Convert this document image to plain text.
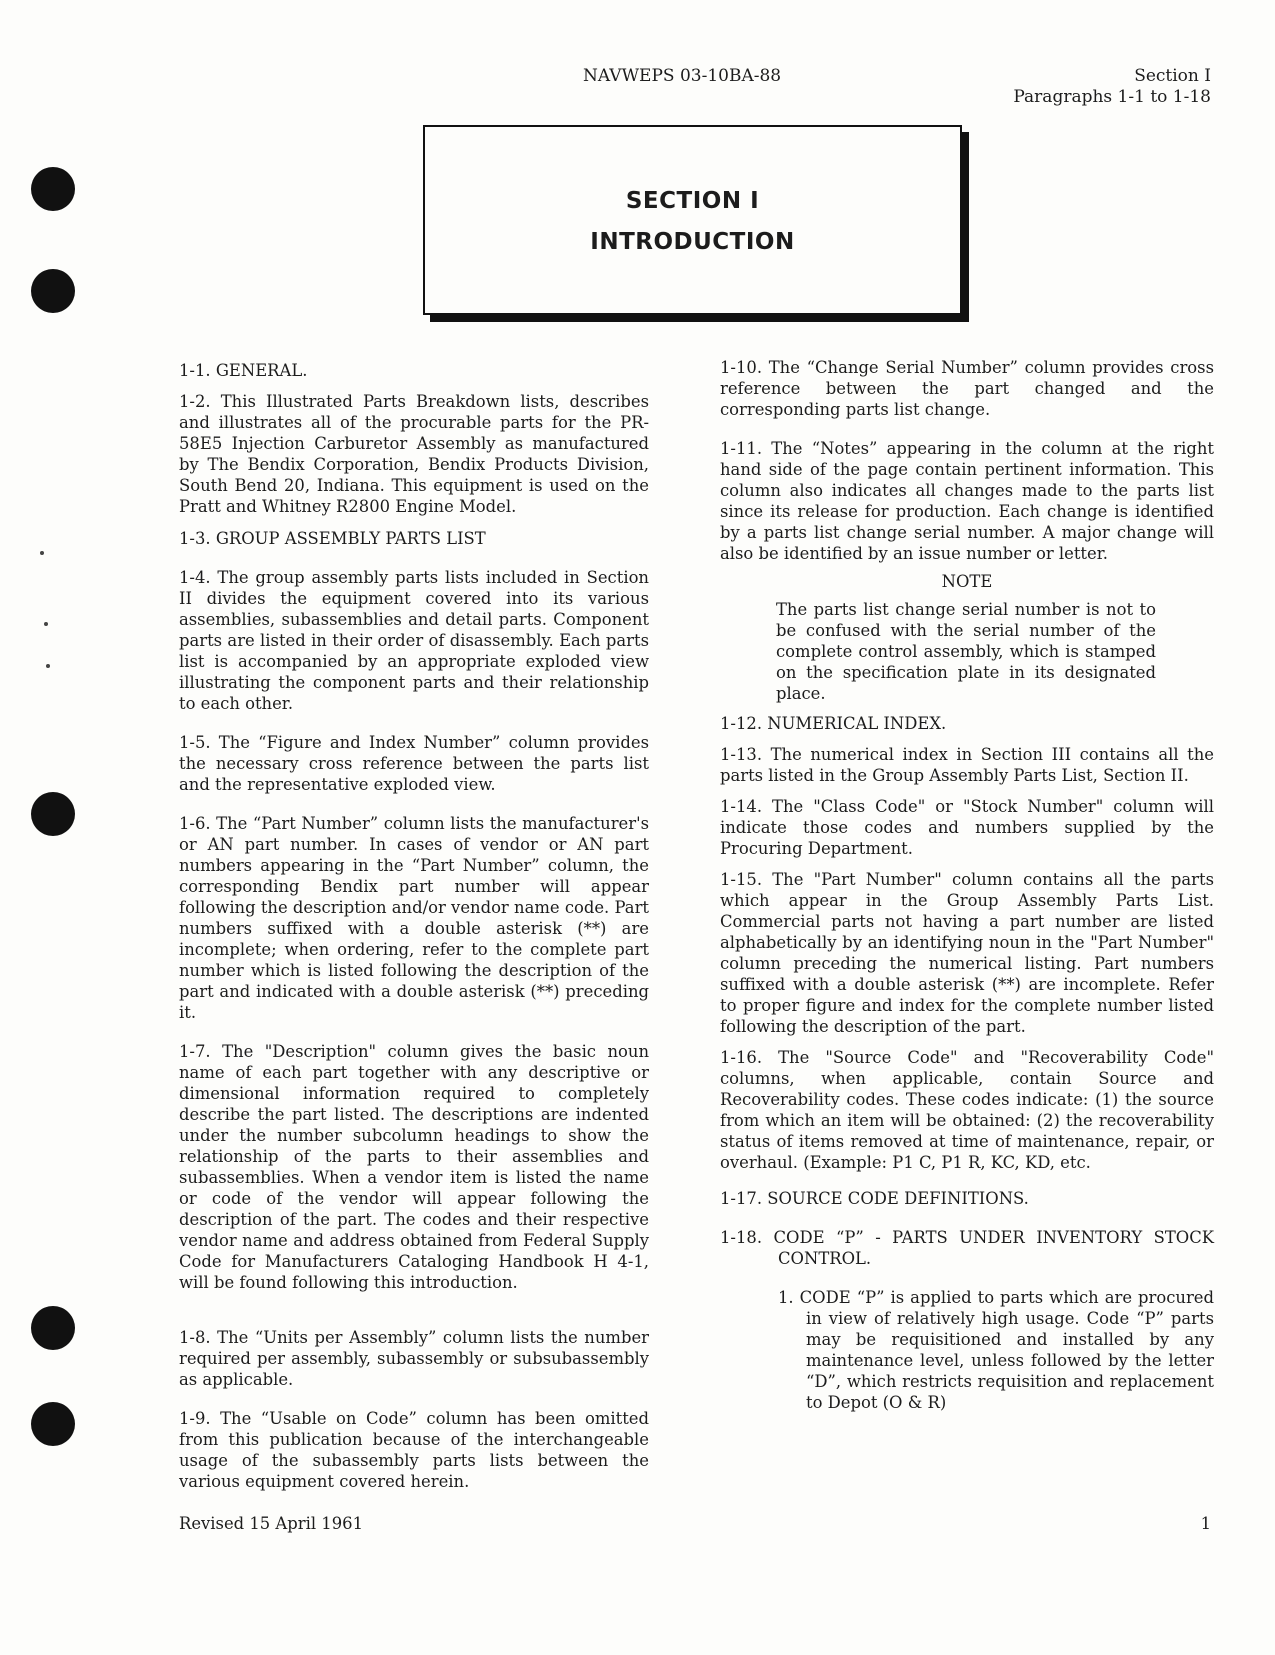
NAVWEPS 03-10BA-88	Section I
Paragraphs 1-1 to 1-18
SECTION I
INTRODUCTION

1-1. GENERAL.

1-2. This Illustrated Parts Breakdown lists, describes and illustrates all of the procurable parts for the PR-58E5 Injection Carburetor Assembly as manufactured by The Bendix Corporation, Bendix Products Division, South Bend 20, Indiana. This equipment is used on the Pratt and Whitney R2800 Engine Model.

1-3. GROUP ASSEMBLY PARTS LIST

1-4. The group assembly parts lists included in Section II divides the equipment covered into its various assemblies, subassemblies and detail parts. Component parts are listed in their order of disassembly. Each parts list is accompanied by an appropriate exploded view illustrating the component parts and their relationship to each other.

1-5. The “Figure and Index Number” column provides the necessary cross reference between the parts list and the representative exploded view.

1-6. The “Part Number” column lists the manufacturer's or AN part number. In cases of vendor or AN part numbers appearing in the “Part Number” column, the corresponding Bendix part number will appear following the description and/or vendor name code. Part numbers suffixed with a double asterisk (**) are incomplete; when ordering, refer to the complete part number which is listed following the description of the part and indicated with a double asterisk (**) preceding it.

1-7. The "Description" column gives the basic noun name of each part together with any descriptive or dimensional information required to completely describe the part listed. The descriptions are indented under the number subcolumn headings to show the relationship of the parts to their assemblies and subassemblies. When a vendor item is listed the name or code of the vendor will appear following the description of the part. The codes and their respective vendor name and address obtained from Federal Supply Code for Manufacturers Cataloging Handbook H 4-1, will be found following this introduction.

1-8. The “Units per Assembly” column lists the number required per assembly, subassembly or subsubassembly as applicable.

1-9. The “Usable on Code” column has been omitted from this publication because of the interchangeable usage of the subassembly parts lists between the various equipment covered herein.

1-10. The “Change Serial Number” column provides cross reference between the part changed and the corresponding parts list change.

1-11. The “Notes” appearing in the column at the right hand side of the page contain pertinent information. This column also indicates all changes made to the parts list since its release for production. Each change is identified by a parts list change serial number. A major change will also be identified by an issue number or letter.

NOTE

The parts list change serial number is not to be confused with the serial number of the complete control assembly, which is stamped on the specification plate in its designated place.

1-12. NUMERICAL INDEX.

1-13. The numerical index in Section III contains all the parts listed in the Group Assembly Parts List, Section II.

1-14. The "Class Code" or "Stock Number" column will indicate those codes and numbers supplied by the Procuring Department.

1-15. The "Part Number" column contains all the parts which appear in the Group Assembly Parts List. Commercial parts not having a part number are listed alphabetically by an identifying noun in the "Part Number" column preceding the numerical listing. Part numbers suffixed with a double asterisk (**) are incomplete. Refer to proper figure and index for the complete number listed following the description of the part.

1-16. The "Source Code" and "Recoverability Code" columns, when applicable, contain Source and Recoverability codes. These codes indicate: (1) the source from which an item will be obtained: (2) the recoverability status of items removed at time of maintenance, repair, or overhaul. (Example: P1 C, P1 R, KC, KD, etc.

1-17. SOURCE CODE DEFINITIONS.

1-18. CODE “P” - PARTS UNDER INVENTORY STOCK CONTROL.

1. CODE “P” is applied to parts which are procured in view of relatively high usage. Code “P” parts may be requisitioned and installed by any maintenance level, unless followed by the letter “D”, which restricts requisition and replacement to Depot (O & R)

Revised 15 April 1961	1
